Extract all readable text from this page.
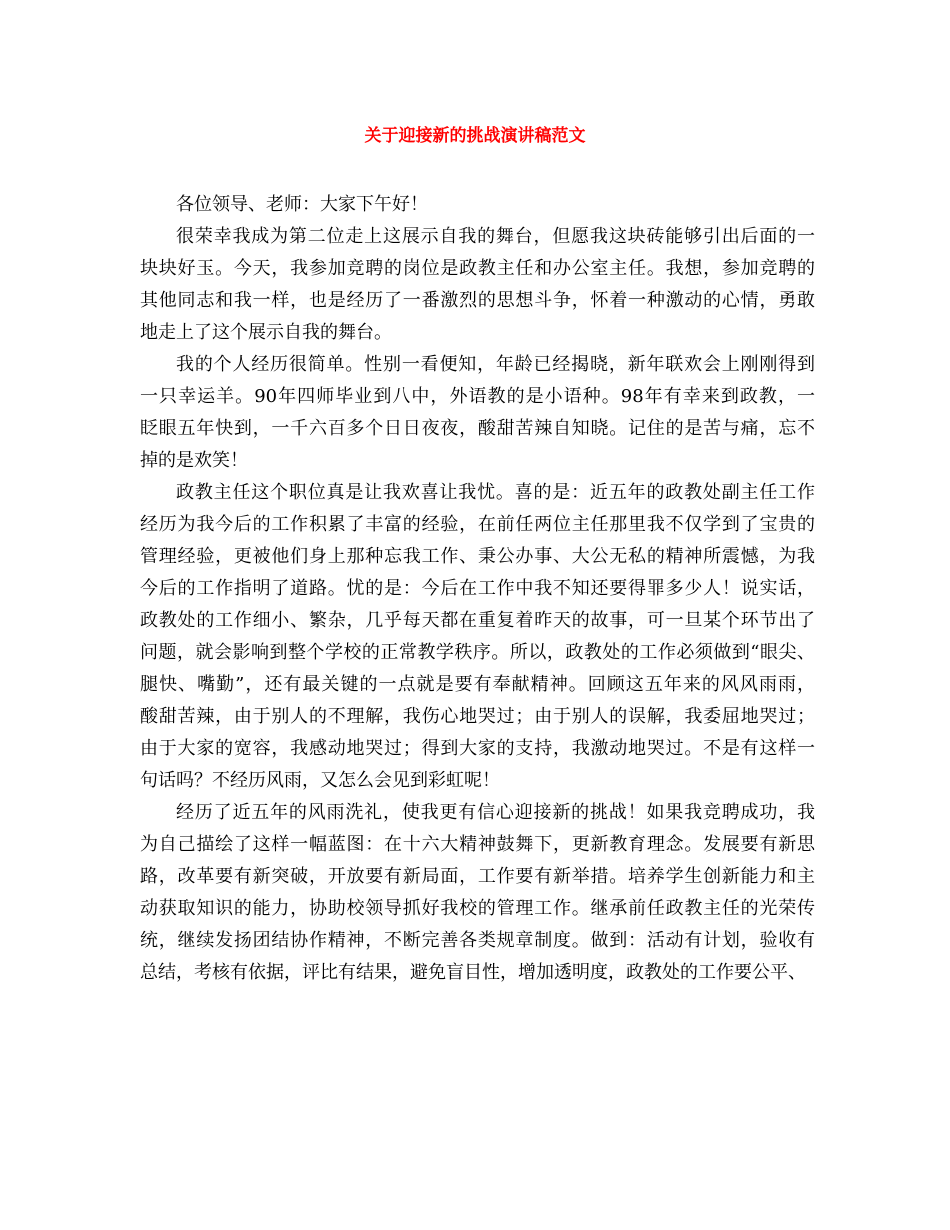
关于迎接新的挑战演讲稿范文
各位领导、老师：大家下午好！
很荣幸我成为第二位走上这展示自我的舞台，但愿我这块砖能够引出后面的一
块块好玉。今天，我参加竞聘的岗位是政教主任和办公室主任。我想，参加竞聘的
其他同志和我一样，也是经历了一番激烈的思想斗争，怀着一种激动的心情，勇敢
地走上了这个展示自我的舞台。
我的个人经历很简单。性别一看便知，年龄已经揭晓，新年联欢会上刚刚得到
一只幸运羊。90年四师毕业到八中，外语教的是小语种。98年有幸来到政教，一
眨眼五年快到，一千六百多个日日夜夜，酸甜苦辣自知晓。记住的是苦与痛，忘不
掉的是欢笑！
政教主任这个职位真是让我欢喜让我忧。喜的是：近五年的政教处副主任工作
经历为我今后的工作积累了丰富的经验，在前任两位主任那里我不仅学到了宝贵的
管理经验，更被他们身上那种忘我工作、秉公办事、大公无私的精神所震憾，为我
今后的工作指明了道路。忧的是：今后在工作中我不知还要得罪多少人！说实话，
政教处的工作细小、繁杂，几乎每天都在重复着昨天的故事，可一旦某个环节出了
问题，就会影响到整个学校的正常教学秩序。所以，政教处的工作必须做到“眼尖、
腿快、嘴勤”，还有最关键的一点就是要有奉献精神。回顾这五年来的风风雨雨，
酸甜苦辣，由于别人的不理解，我伤心地哭过；由于别人的误解，我委屈地哭过；
由于大家的宽容，我感动地哭过；得到大家的支持，我激动地哭过。不是有这样一
句话吗？不经历风雨，又怎么会见到彩虹呢！
经历了近五年的风雨洗礼，使我更有信心迎接新的挑战！如果我竞聘成功，我
为自己描绘了这样一幅蓝图：在十六大精神鼓舞下，更新教育理念。发展要有新思
路，改革要有新突破，开放要有新局面，工作要有新举措。培养学生创新能力和主
动获取知识的能力，协助校领导抓好我校的管理工作。继承前任政教主任的光荣传
统，继续发扬团结协作精神，不断完善各类规章制度。做到：活动有计划，验收有
总结，考核有依据，评比有结果，避免盲目性，增加透明度，政教处的工作要公平、
